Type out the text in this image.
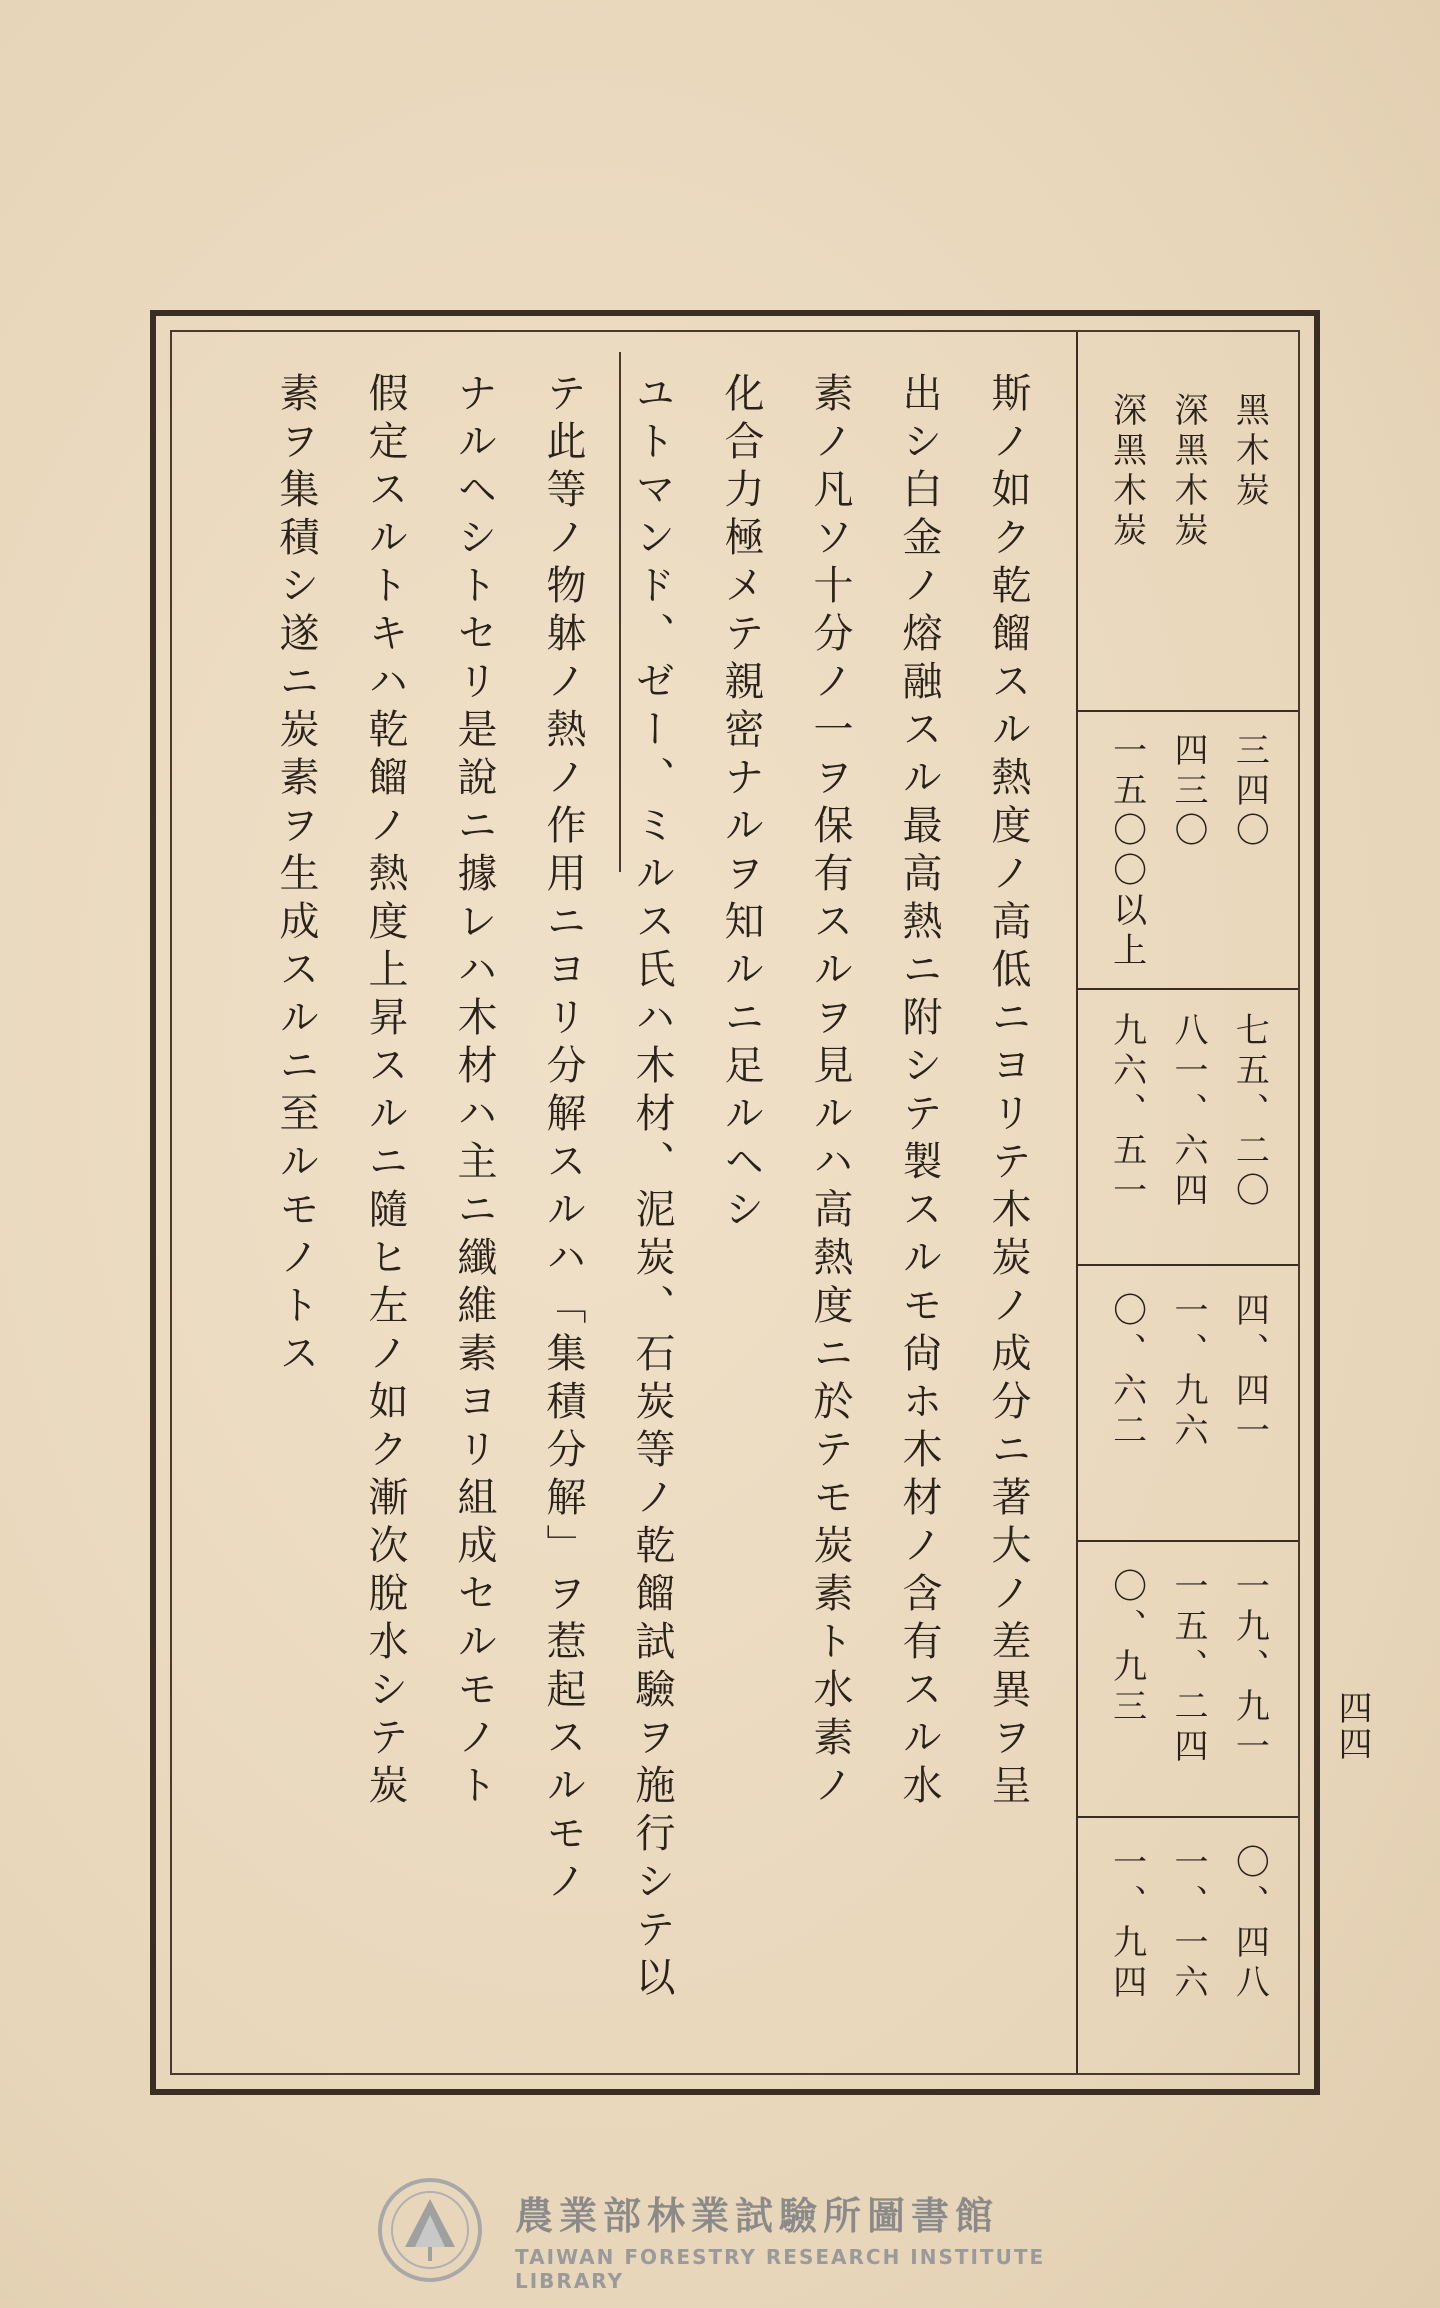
斯ノ如ク乾餾スル熱度ノ高低ニヨリテ木炭ノ成分ニ著大ノ差異ヲ呈
出シ白金ノ熔融スル最高熱ニ附シテ製スルモ尙ホ木材ノ含有スル水
素ノ凡ソ十分ノ一ヲ保有スルヲ見ルハ高熱度ニ於テモ炭素ト水素ノ
化合力極メテ親密ナルヲ知ルニ足ルヘシ
ユトマンド、ゼー、ミルス氏ハ木材、泥炭、石炭等ノ乾餾試驗ヲ施行シテ以
テ此等ノ物躰ノ熱ノ作用ニヨリ分解スルハ「集積分解」ヲ惹起スルモノ
ナルヘシトセリ是說ニ據レハ木材ハ主ニ纖維素ヨリ組成セルモノト
假定スルトキハ乾餾ノ熱度上昇スルニ隨ヒ左ノ如ク漸次脫水シテ炭
素ヲ集積シ遂ニ炭素ヲ生成スルニ至ルモノトス	黑木炭
深黑木炭
深黑木炭
三四〇
四三〇
一五〇〇以上
七五、二〇
八一、六四
九六、五一
四、四一
一、九六
〇、六二
一九、九一
一五、二四
〇、九三
〇、四八
一、一六
一、九四
四四
農業部林業試驗所圖書館
TAIWAN FORESTRY RESEARCH INSTITUTE LIBRARY
